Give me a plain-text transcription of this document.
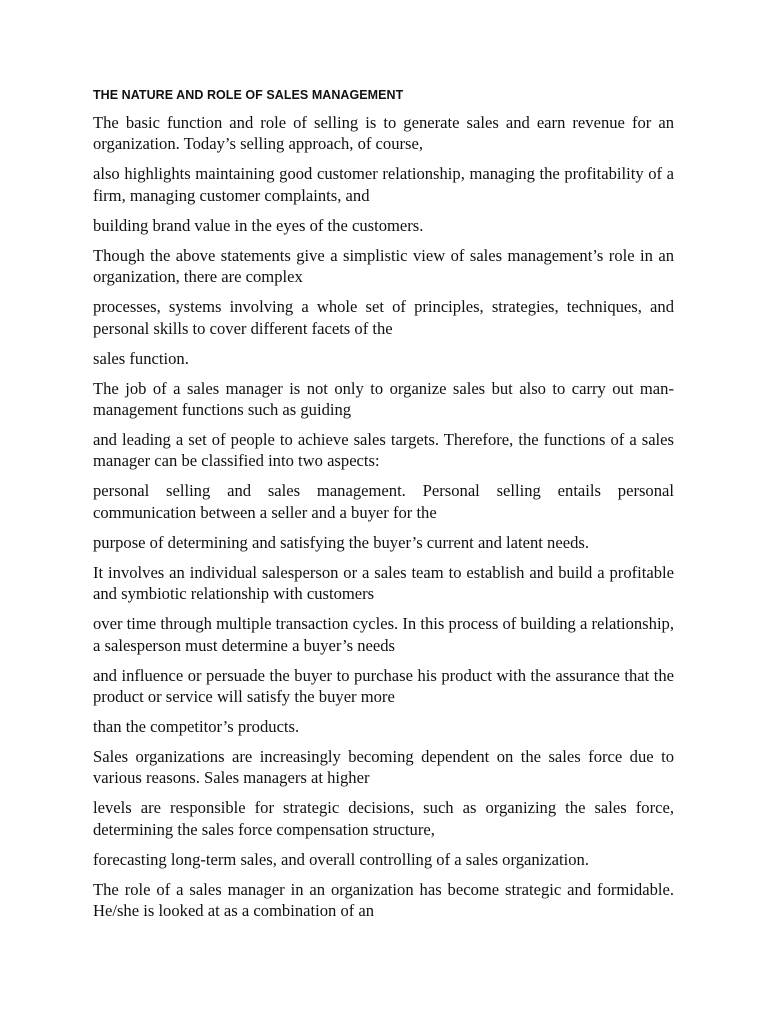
THE NATURE AND ROLE OF SALES MANAGEMENT

The basic function and role of selling is to generate sales and earn revenue for an organization. Today’s selling approach, of course,

also highlights maintaining good customer relationship, managing the profitability of a firm, managing customer complaints, and

building brand value in the eyes of the customers.

Though the above statements give a simplistic view of sales management’s role in an organization, there are complex

processes, systems involving a whole set of principles, strategies, techniques, and personal skills to cover different facets of the

sales function.

The job of a sales manager is not only to organize sales but also to carry out man-management functions such as guiding

and leading a set of people to achieve sales targets. Therefore, the functions of a sales manager can be classified into two aspects:

personal selling and sales management. Personal selling entails personal communication between a seller and a buyer for the

purpose of determining and satisfying the buyer’s current and latent needs.

It involves an individual salesperson or a sales team to establish and build a profitable and symbiotic relationship with customers

over time through multiple transaction cycles. In this process of building a relationship, a salesperson must determine a buyer’s needs

and influence or persuade the buyer to purchase his product with the assurance that the product or service will satisfy the buyer more

than the competitor’s products.

Sales organizations are increasingly becoming dependent on the sales force due to various reasons. Sales managers at higher

levels are responsible for strategic decisions, such as organizing the sales force, determining the sales force compensation structure,

forecasting long-term sales, and overall controlling of a sales organization.

The role of a sales manager in an organization has become strategic and formidable. He/she is looked at as a combination of an
